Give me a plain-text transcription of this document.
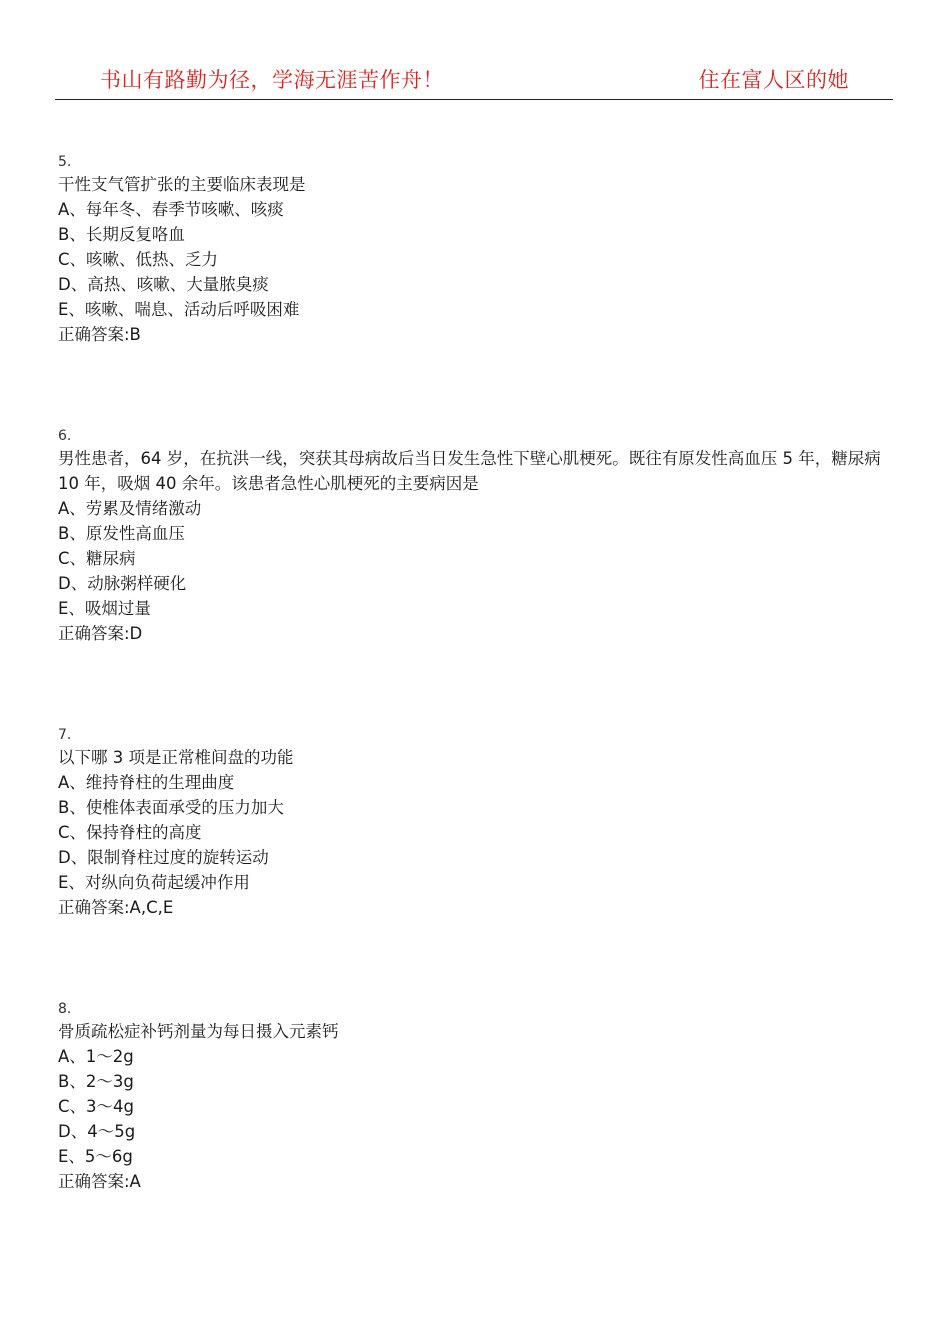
书山有路勤为径，学海无涯苦作舟！	住在富人区的她
5.
干性支气管扩张的主要临床表现是
A、每年冬、春季节咳嗽、咳痰
B、长期反复咯血
C、咳嗽、低热、乏力
D、高热、咳嗽、大量脓臭痰
E、咳嗽、喘息、活动后呼吸困难
正确答案:B
6.
男性患者，64 岁，在抗洪一线，突获其母病故后当日发生急性下壁心肌梗死。既往有原发性高血压 5 年，糖尿病 10 年，吸烟 40 余年。该患者急性心肌梗死的主要病因是
A、劳累及情绪激动
B、原发性高血压
C、糖尿病
D、动脉粥样硬化
E、吸烟过量
正确答案:D
7.
以下哪 3 项是正常椎间盘的功能
A、维持脊柱的生理曲度
B、使椎体表面承受的压力加大
C、保持脊柱的高度
D、限制脊柱过度的旋转运动
E、对纵向负荷起缓冲作用
正确答案:A,C,E
8.
骨质疏松症补钙剂量为每日摄入元素钙
A、1～2g
B、2～3g
C、3～4g
D、4～5g
E、5～6g
正确答案:A
